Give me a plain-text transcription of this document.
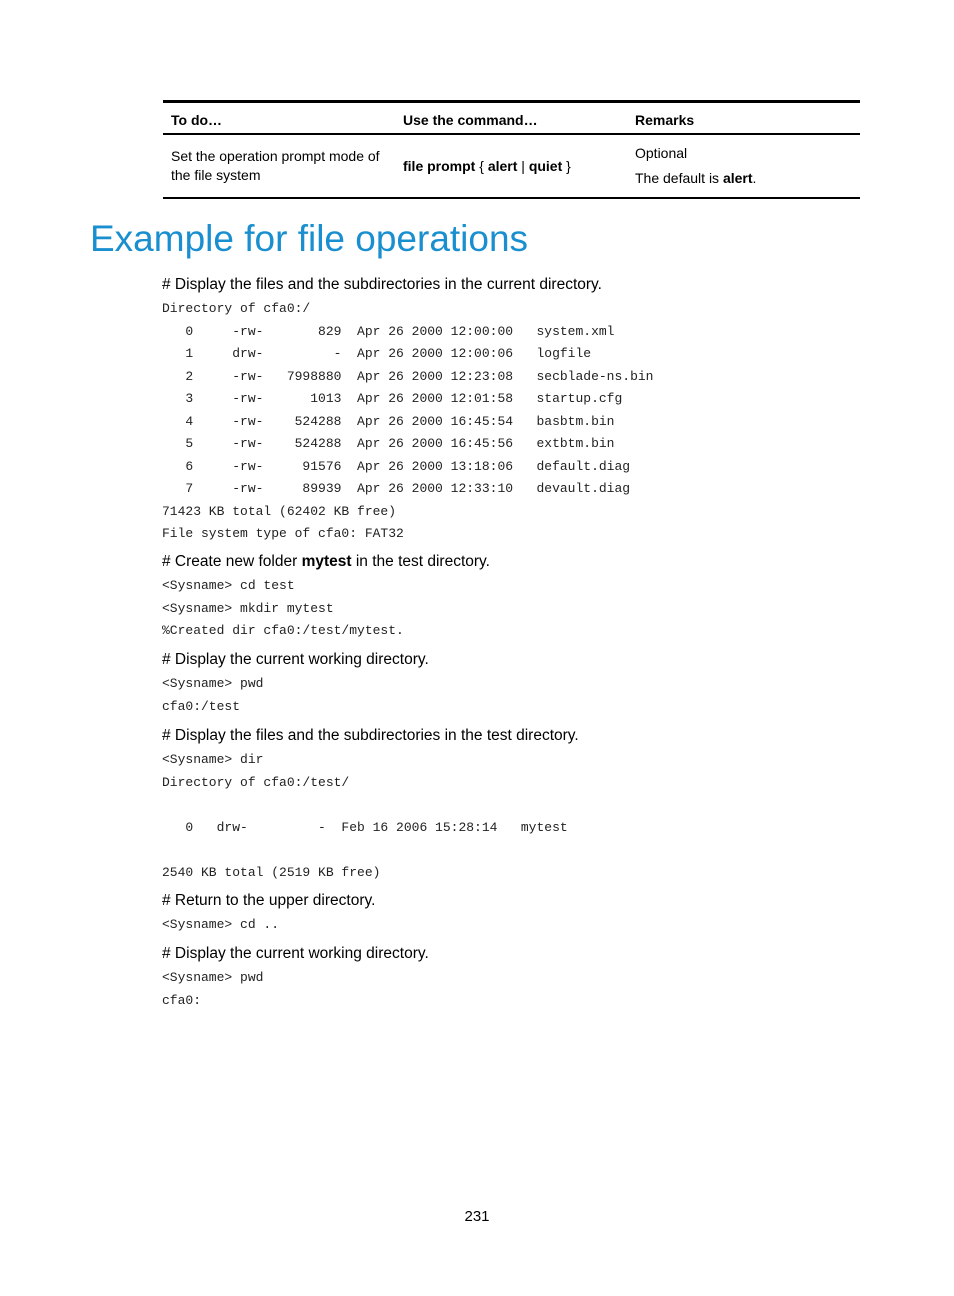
To do…	Use the command…	Remarks
Set the operation prompt mode of the file system	file prompt { alert | quiet }	Optional
The default is alert.
Example for file operations

# Display the files and the subdirectories in the current directory.

Directory of cfa0:/
0     -rw-       829  Apr 26 2000 12:00:00   system.xml
1     drw-         -  Apr 26 2000 12:00:06   logfile
2     -rw-   7998880  Apr 26 2000 12:23:08   secblade-ns.bin
3     -rw-      1013  Apr 26 2000 12:01:58   startup.cfg
4     -rw-    524288  Apr 26 2000 16:45:54   basbtm.bin
5     -rw-    524288  Apr 26 2000 16:45:56   extbtm.bin
6     -rw-     91576  Apr 26 2000 13:18:06   default.diag
7     -rw-     89939  Apr 26 2000 12:33:10   devault.diag
71423 KB total (62402 KB free)
File system type of cfa0: FAT32

# Create new folder mytest in the test directory.

<Sysname> cd test
<Sysname> mkdir mytest
%Created dir cfa0:/test/mytest.

# Display the current working directory.

<Sysname> pwd
cfa0:/test

# Display the files and the subdirectories in the test directory.

<Sysname> dir
Directory of cfa0:/test/

0   drw-         -  Feb 16 2006 15:28:14   mytest

2540 KB total (2519 KB free)

# Return to the upper directory.

<Sysname> cd ..

# Display the current working directory.

<Sysname> pwd
cfa0:
231
